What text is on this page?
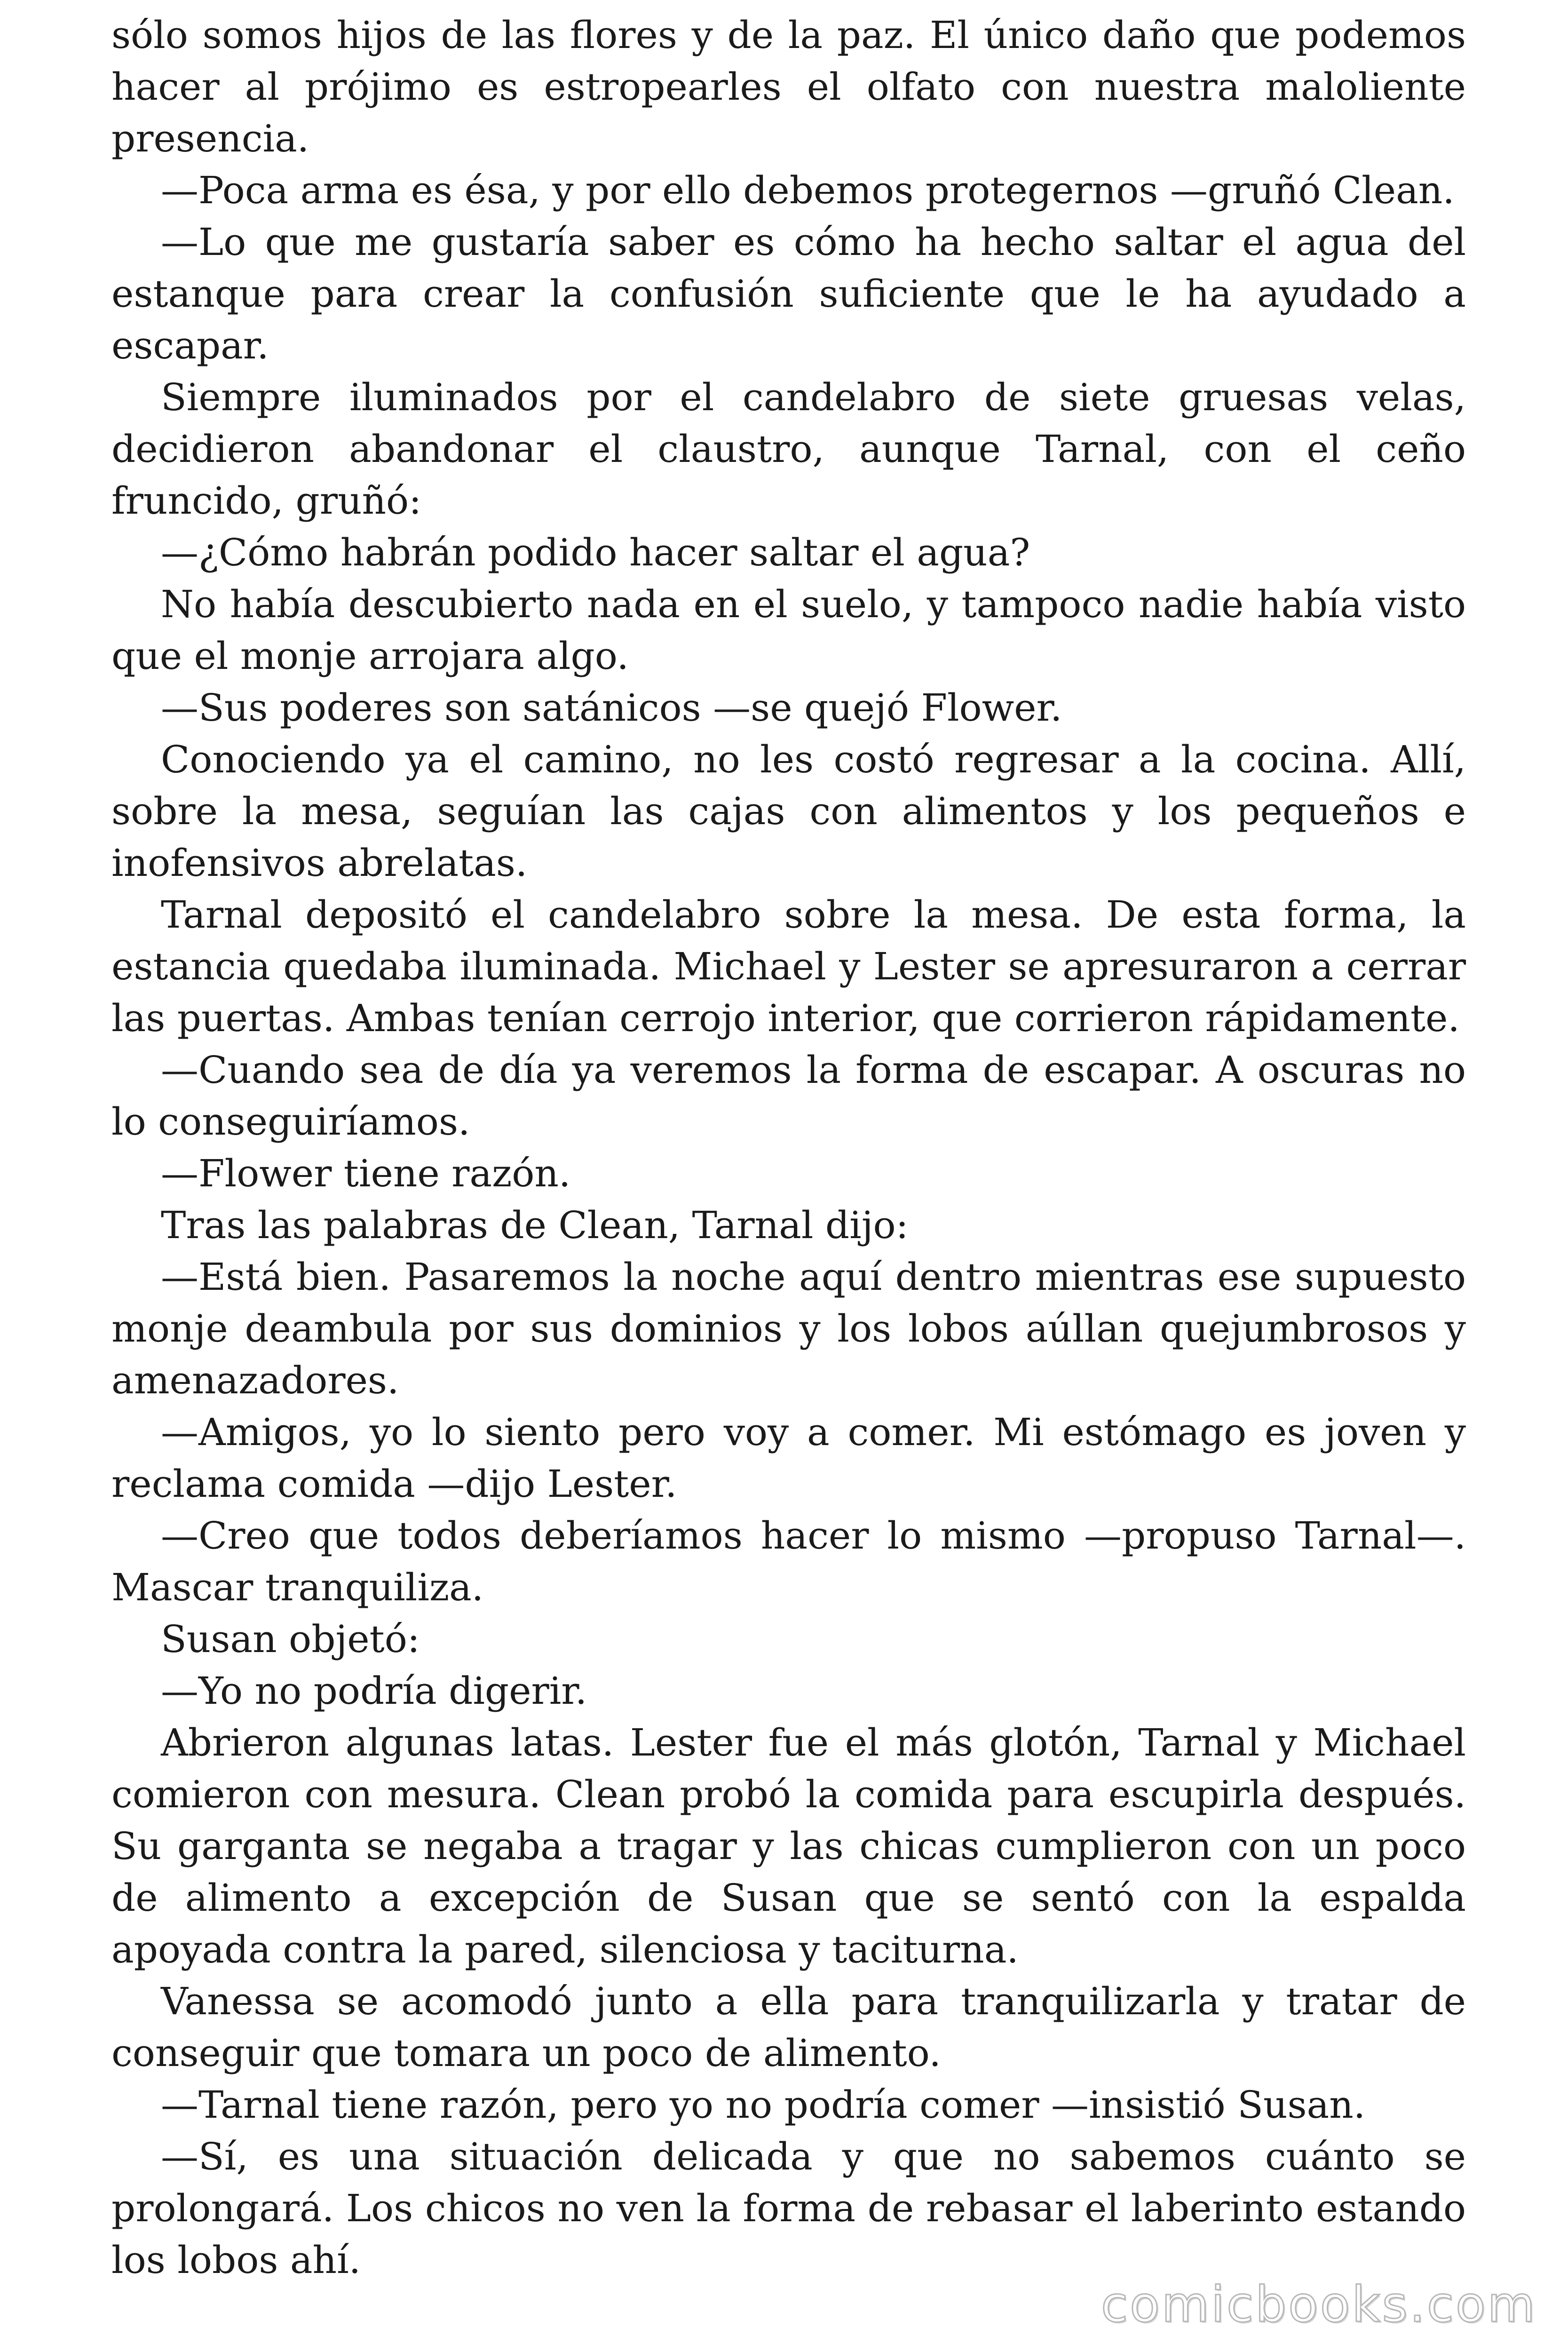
sólo somos hijos de las flores y de la paz. El único daño que podemos hacer al prójimo es estropearles el olfato con nuestra maloliente presencia.

—Poca arma es ésa, y por ello debemos protegernos —gruñó Clean.

—Lo que me gustaría saber es cómo ha hecho saltar el agua del estanque para crear la confusión suficiente que le ha ayudado a escapar.

Siempre iluminados por el candelabro de siete gruesas velas, decidieron abandonar el claustro, aunque Tarnal, con el ceño fruncido, gruñó:

—¿Cómo habrán podido hacer saltar el agua?

No había descubierto nada en el suelo, y tampoco nadie había visto que el monje arrojara algo.

—Sus poderes son satánicos —se quejó Flower.

Conociendo ya el camino, no les costó regresar a la cocina. Allí, sobre la mesa, seguían las cajas con alimentos y los pequeños e inofensivos abrelatas.

Tarnal depositó el candelabro sobre la mesa. De esta forma, la estancia quedaba iluminada. Michael y Lester se apresuraron a cerrar las puertas. Ambas tenían cerrojo interior, que corrieron rápidamente.

—Cuando sea de día ya veremos la forma de escapar. A oscuras no lo conseguiríamos.

—Flower tiene razón.

Tras las palabras de Clean, Tarnal dijo:

—Está bien. Pasaremos la noche aquí dentro mientras ese supuesto monje deambula por sus dominios y los lobos aúllan quejumbrosos y amenazadores.

—Amigos, yo lo siento pero voy a comer. Mi estómago es joven y reclama comida —dijo Lester.

—Creo que todos deberíamos hacer lo mismo —propuso Tarnal—. Mascar tranquiliza.

Susan objetó:

—Yo no podría digerir.

Abrieron algunas latas. Lester fue el más glotón, Tarnal y Michael comieron con mesura. Clean probó la comida para escupirla después. Su garganta se negaba a tragar y las chicas cumplieron con un poco de alimento a excepción de Susan que se sentó con la espalda apoyada contra la pared, silenciosa y taciturna.

Vanessa se acomodó junto a ella para tranquilizarla y tratar de conseguir que tomara un poco de alimento.

—Tarnal tiene razón, pero yo no podría comer —insistió Susan.

—Sí, es una situación delicada y que no sabemos cuánto se prolongará. Los chicos no ven la forma de rebasar el laberinto estando los lobos ahí.

comicbooks.com
